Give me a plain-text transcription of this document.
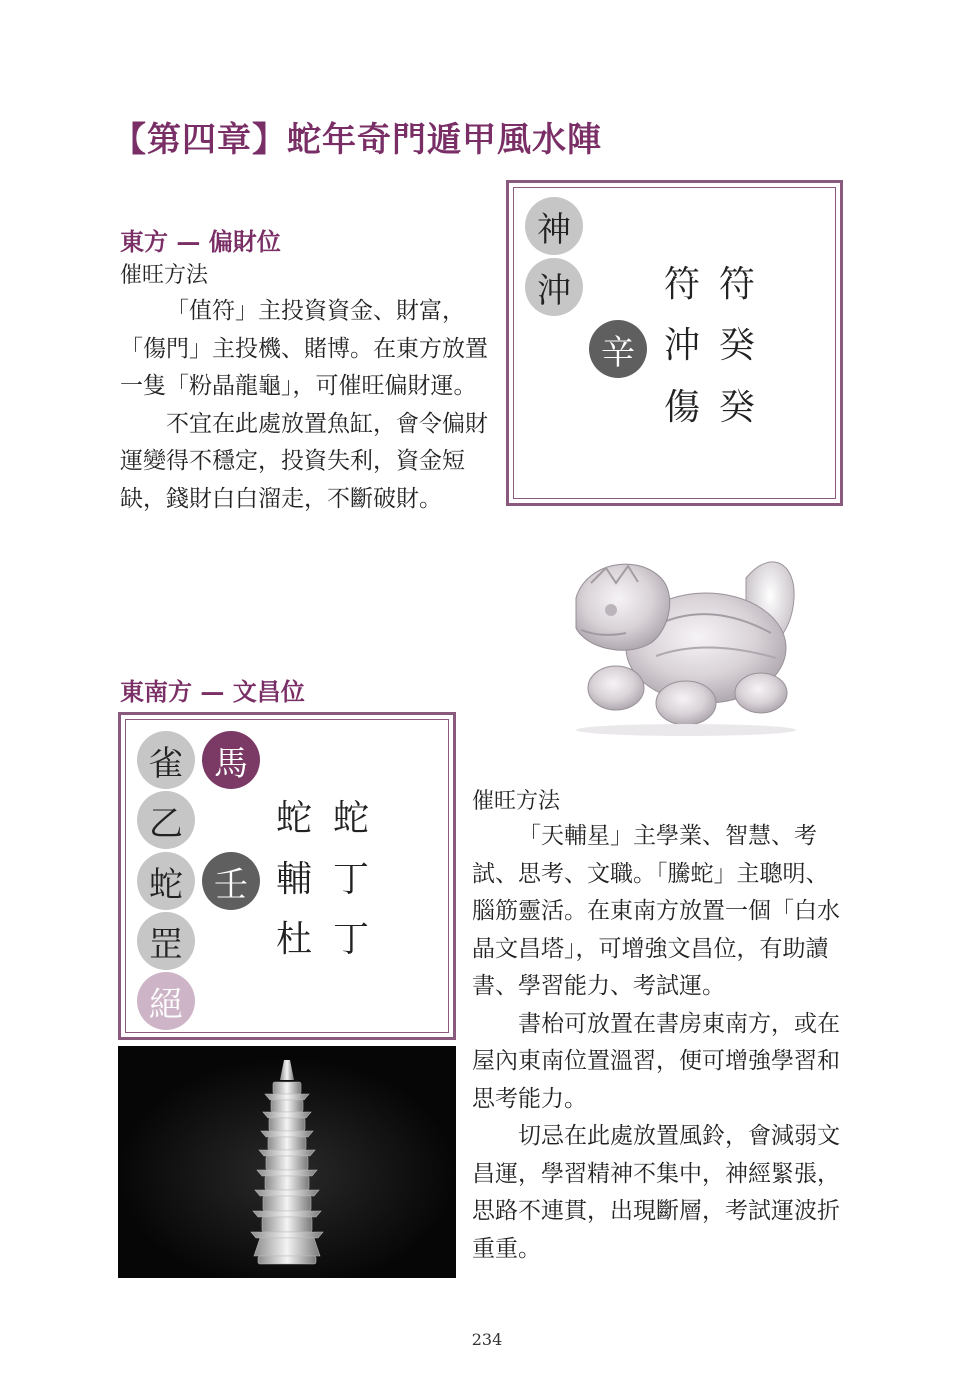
【第四章】蛇年奇門遁甲風水陣
東方 — 偏財位
催旺方法

「值符」主投資資金、財富，「傷門」主投機、賭博。在東方放置一隻「粉晶龍龜」，可催旺偏財運。

不宜在此處放置魚缸，會令偏財運變得不穩定，投資失利，資金短缺，錢財白白溜走，不斷破財。

神
沖
辛
符 符
沖 癸
傷 癸
東南方 — 文昌位
雀 馬
乙
蛇 壬
罡
絕
蛇 蛇
輔 丁
杜 丁
催旺方法

「天輔星」主學業、智慧、考試、思考、文職。「騰蛇」主聰明、腦筋靈活。在東南方放置一個「白水晶文昌塔」，可增強文昌位，有助讀書、學習能力、考試運。

書枱可放置在書房東南方，或在屋內東南位置溫習，便可增強學習和思考能力。

切忌在此處放置風鈴，會減弱文昌運，學習精神不集中，神經緊張，思路不連貫，出現斷層，考試運波折重重。

234
